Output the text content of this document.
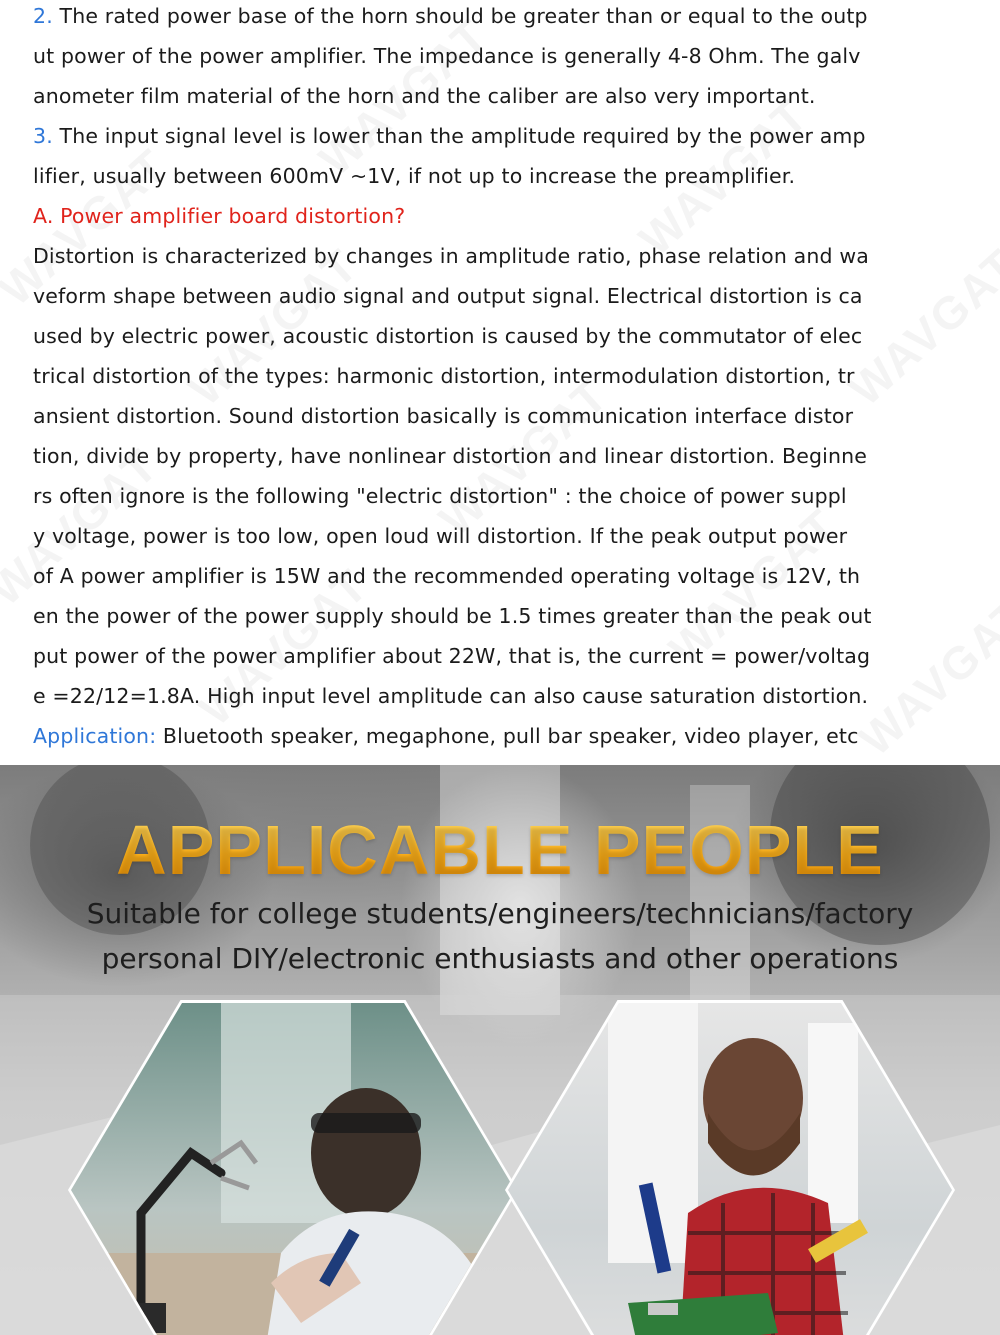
2. The rated power base of the horn should be greater than or equal to the outp
ut power of the power amplifier. The impedance is generally 4-8 Ohm. The galv
anometer film material of the horn and the caliber are also very important.
3. The input signal level is lower than the amplitude required by the power amp
lifier, usually between 600mV ~1V, if not up to increase the preamplifier.
A. Power amplifier board distortion?
Distortion is characterized by changes in amplitude ratio, phase relation and wa
veform shape between audio signal and output signal. Electrical distortion is ca
used by electric power, acoustic distortion is caused by the commutator of elec
trical distortion of the types: harmonic distortion, intermodulation distortion, tr
ansient distortion. Sound distortion basically is communication interface distor
tion, divide by property, have nonlinear distortion and linear distortion. Beginne
rs often ignore is the following "electric distortion" : the choice of power suppl
y voltage, power is too low, open loud will distortion. If the peak output power
of A power amplifier is 15W and the recommended operating voltage is 12V, th
en the power of the power supply should be 1.5 times greater than the peak out
put power of the power amplifier about 22W, that is, the current = power/voltag
e =22/12=1.8A. High input level amplitude can also cause saturation distortion.
Application: Bluetooth speaker, megaphone, pull bar speaker, video player, etc
APPLICABLE PEOPLE
Suitable for college students/engineers/technicians/factory
personal DIY/electronic enthusiasts and other operations
